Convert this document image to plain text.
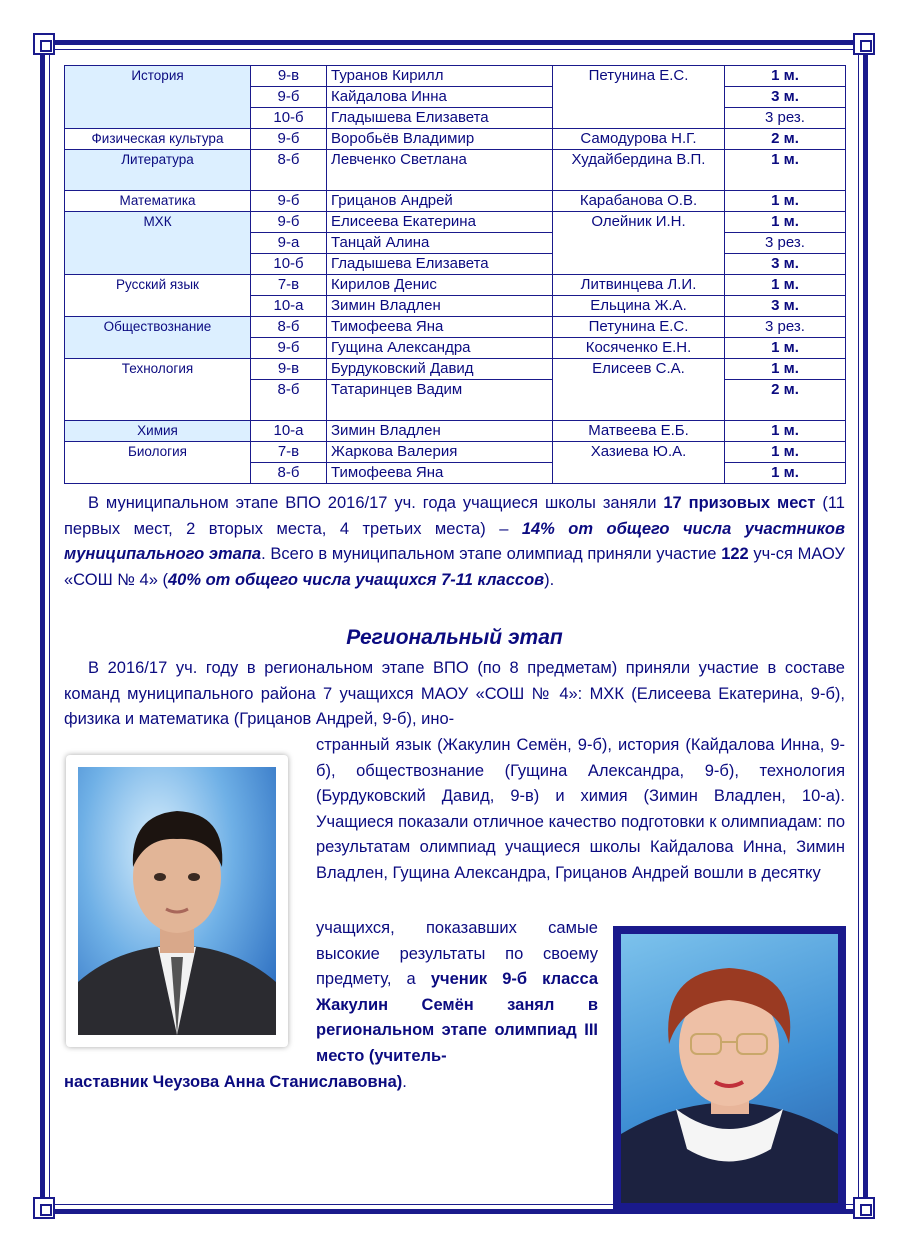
История	9-в	Туранов Кирилл	Петунина Е.С.	1 м.
	9-б	Кайдалова Инна		3 м.
	10-б	Гладышева Елизавета		3 рез.
Физическая культура	9-б	Воробьёв Владимир	Самодурова Н.Г.	2 м.
Литература	8-б	Левченко Светлана	Худайбердина В.П.	1 м.
Математика	9-б	Грицанов Андрей	Карабанова О.В.	1 м.
МХК	9-б	Елисеева Екатерина	Олейник И.Н.	1 м.
	9-а	Танцай Алина		3 рез.
	10-б	Гладышева Елизавета		3 м.
Русский язык	7-в	Кирилов Денис	Литвинцева Л.И.	1 м.
	10-а	Зимин Владлен	Ельцина Ж.А.	3 м.
Обществознание	8-б	Тимофеева Яна	Петунина Е.С.	3 рез.
	9-б	Гущина Александра	Косяченко Е.Н.	1 м.
Технология	9-в	Бурдуковский Давид	Елисеев С.А.	1 м.
	8-б	Татаринцев Вадим		2 м.
Химия	10-а	Зимин Владлен	Матвеева Е.Б.	1 м.
Биология	7-в	Жаркова Валерия	Хазиева Ю.А.	1 м.
	8-б	Тимофеева Яна		1 м.
В муниципальном этапе ВПО 2016/17 уч. года учащиеся школы заняли 17 призовых мест (11 первых мест, 2 вторых места, 4 третьих места) – 14% от общего числа участников муниципального этапа. Всего в муниципальном этапе олимпиад приняли участие 122 уч-ся МАОУ «СОШ № 4» (40% от общего числа учащихся 7-11 классов).
Региональный этап
В 2016/17 уч. году в региональном этапе ВПО (по 8 предметам) приняли участие в составе команд муниципального района 7 учащихся МАОУ «СОШ № 4»: МХК (Елисеева Екатерина, 9-б), физика и математика (Грицанов Андрей, 9-б), ино-
странный язык (Жакулин Семён, 9-б), история (Кайдалова Инна, 9-б), обществознание (Гущина Александра, 9-б), технология (Бурдуковский Давид, 9-в) и химия (Зимин Владлен, 10-а). Учащиеся показали отличное качество подготовки к олимпиадам: по результатам олимпиад учащиеся школы Кайдалова Инна, Зимин Владлен, Гущина Александра, Грицанов Андрей вошли в десятку
учащихся, показавших самые высокие результаты по своему предмету, а ученик 9-б класса Жакулин Семён занял в региональном этапе олимпиад III место (учитель-
наставник Чеузова Анна Станиславовна).
